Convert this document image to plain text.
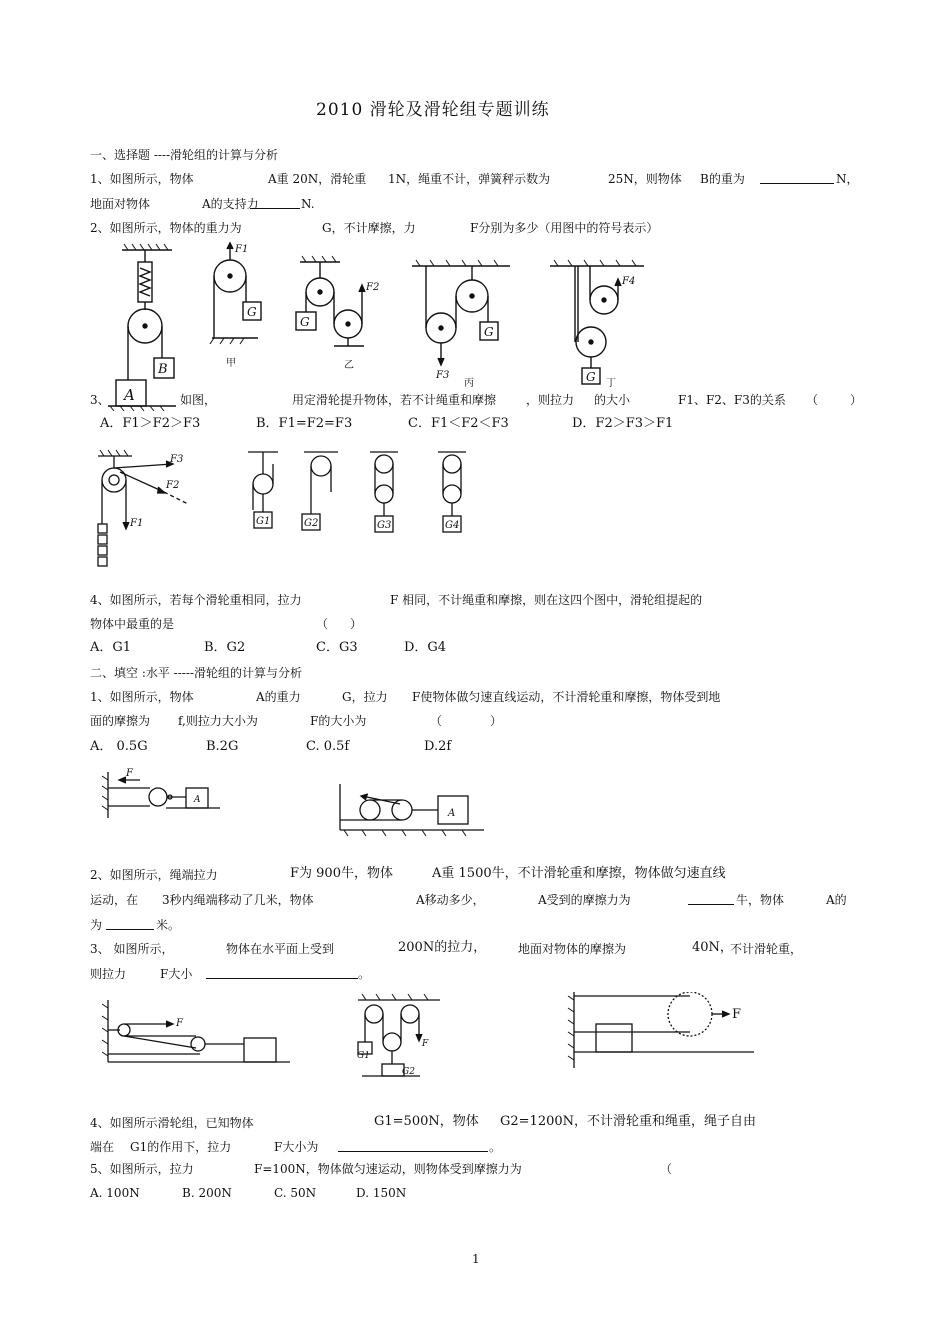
2010 滑轮及滑轮组专题训练
一、选择题 ----滑轮组的计算与分析
1、如图所示，物体	A重 20N，滑轮重 1N，绳重不计，弹簧秤示数为	25N，则物体 B的重为	N，
地面对物体	A的支持力	N.
2、如图所示，物体的重力为	G，不计摩擦，力	F分别为多少（用图中的符号表示）
A
B
G
F1
G
F2
G
F3	G
F4
甲	乙
丙	丁
3、	如图，	用定滑轮提升物体，若不计绳重和摩擦 ，则拉力 的大小	F1、F2、F3的关系 （	）
A．F1＞F2＞F3	B．F1=F2=F3	C．F1＜F2＜F3	D．F2＞F3＞F1
F3
F2
F1	G1	G2	G3	G4
4、如图所示，若每个滑轮重相同，拉力	F 相同，不计绳重和摩擦，则在这四个图中，滑轮组提起的
物体中最重的是	（ ）
A．G1	B．G2	C．G3	D．G4
二、填空 :水平 -----滑轮组的计算与分析
1、如图所示，物体	A的重力	G，拉力 F使物体做匀速直线运动，不计滑轮重和摩擦，物体受到地
面的摩擦为 f,则拉力大小为	F的大小为	（	）
A． 0.5G	B.2G	C. 0.5f	D.2f
F
A
A
2、如图所示，绳端拉力	F为 900牛，物体	A重 1500牛，不计滑轮重和摩擦，物体做匀速直线
运动，在 3秒内绳端移动了几米，物体	A移动多少，	A受到的摩擦力为	牛，物体	A的
为	米。
3、 如图所示，	物体在水平面上受到	200N的拉力，	地面对物体的摩擦为	40N，
不计滑轮重，
则拉力	F大小	。
F
G1
F
G2
F
4、如图所示滑轮组，已知物体	G1=500N，物体 G2=1200N，不计滑轮重和绳重，绳子自由
端在 G1的作用下，拉力	F大小为	。
5、如图所示，拉力	F=100N，物体做匀速运动，则物体受到摩擦力为	（
A. 100N	B. 200N	C. 50N	D. 150N
1
